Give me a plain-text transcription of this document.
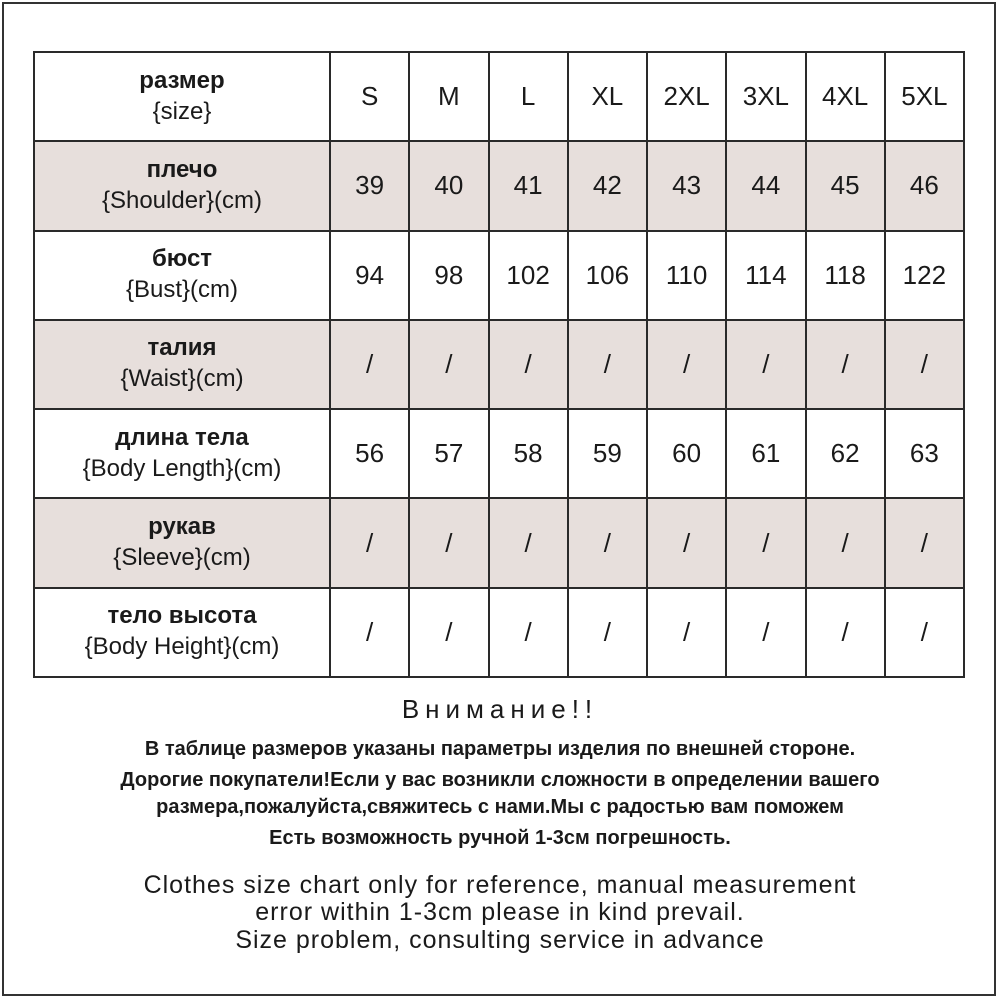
размер
{size}	S	M	L	XL	2XL	3XL	4XL	5XL

плечо
{Shoulder}(cm)	39	40	41	42	43	44	45	46

бюст
{Bust}(cm)	94	98	102	106	110	114	118	122

талия
{Waist}(cm)	/	/	/	/	/	/	/	/

длина тела
{Body Length}(cm)	56	57	58	59	60	61	62	63

рукав
{Sleeve}(cm)	/	/	/	/	/	/	/	/

тело высота
{Body Height}(cm)	/	/	/	/	/	/	/	/
Внимание!!
В таблице размеров указаны параметры изделия по внешней стороне.
Дорогие покупатели!Если у вас возникли сложности в определении вашего
размера,пожалуйста,свяжитесь с нами.Мы с радостью вам поможем
Есть возможность ручной 1-3см погрешность.
Clothes size chart only for reference, manual measurement
error within 1-3cm please in kind prevail.
Size problem, consulting service in advance
